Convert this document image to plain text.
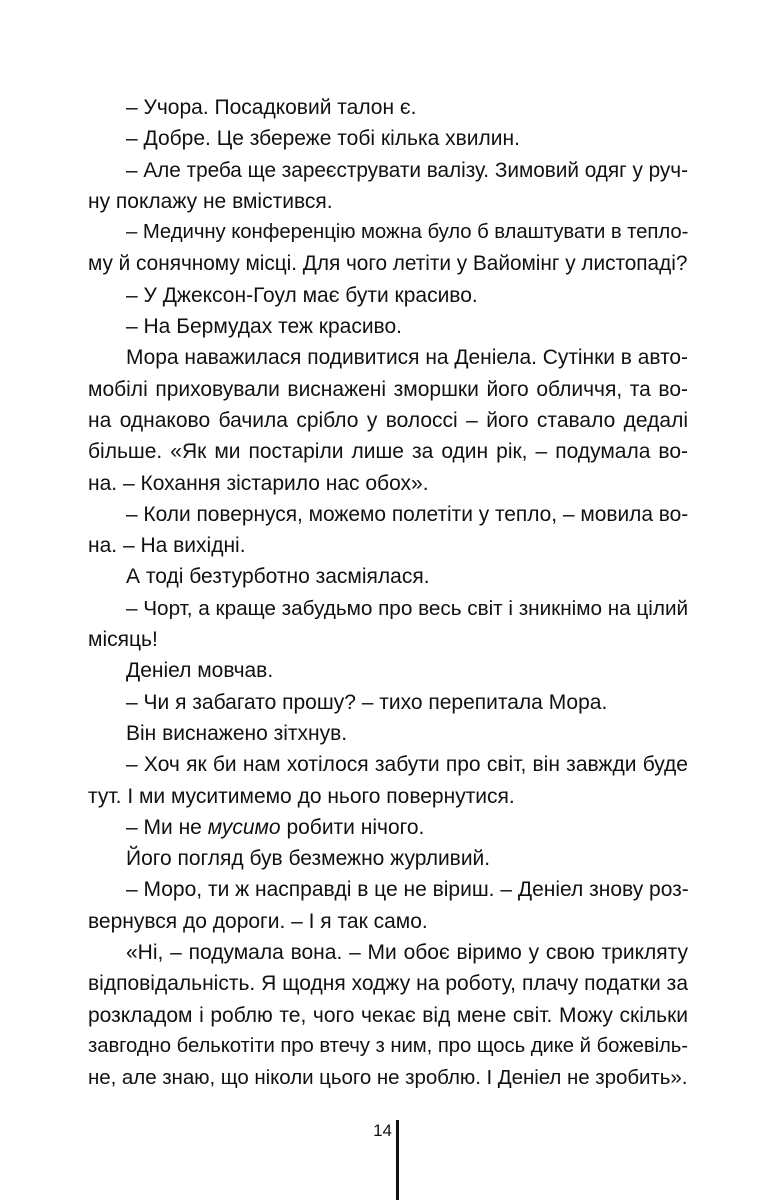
– Учора. Посадковий талон є.
– Добре. Це збереже тобі кілька хвилин.
– Але треба ще зареєструвати валізу. Зимовий одяг у руч-
ну поклажу не вмістився.
– Медичну конференцію можна було б влаштувати в тепло-
му й сонячному місці. Для чого летіти у Вайомінг у листопаді?
– У Джексон-Гоул має бути красиво.
– На Бермудах теж красиво.
Мора наважилася подивитися на Деніела. Сутінки в авто-
мобілі приховували виснажені зморшки його обличчя, та во-
на однаково бачила срібло у волоссі – його ставало дедалі
більше. «Як ми постаріли лише за один рік, – подумала во-
на. – Кохання зістарило нас обох».
– Коли повернуся, можемо полетіти у тепло, – мовила во-
на. – На вихідні.
А тоді безтурботно засміялася.
– Чорт, а краще забудьмо про весь світ і зникнімо на цілий
місяць!
Деніел мовчав.
– Чи я забагато прошу? – тихо перепитала Мора.
Він виснажено зітхнув.
– Хоч як би нам хотілося забути про світ, він завжди буде
тут. І ми муситимемо до нього повернутися.
– Ми не мусимо робити нічого.
Його погляд був безмежно журливий.
– Моро, ти ж насправді в це не віриш. – Деніел знову роз-
вернувся до дороги. – І я так само.
«Ні, – подумала вона. – Ми обоє віримо у свою трикляту
відповідальність. Я щодня ходжу на роботу, плачу податки за
розкладом і роблю те, чого чекає від мене світ. Можу скільки
завгодно белькотіти про втечу з ним, про щось дике й божевіль-
не, але знаю, що ніколи цього не зроблю. І Деніел не зробить».
14
